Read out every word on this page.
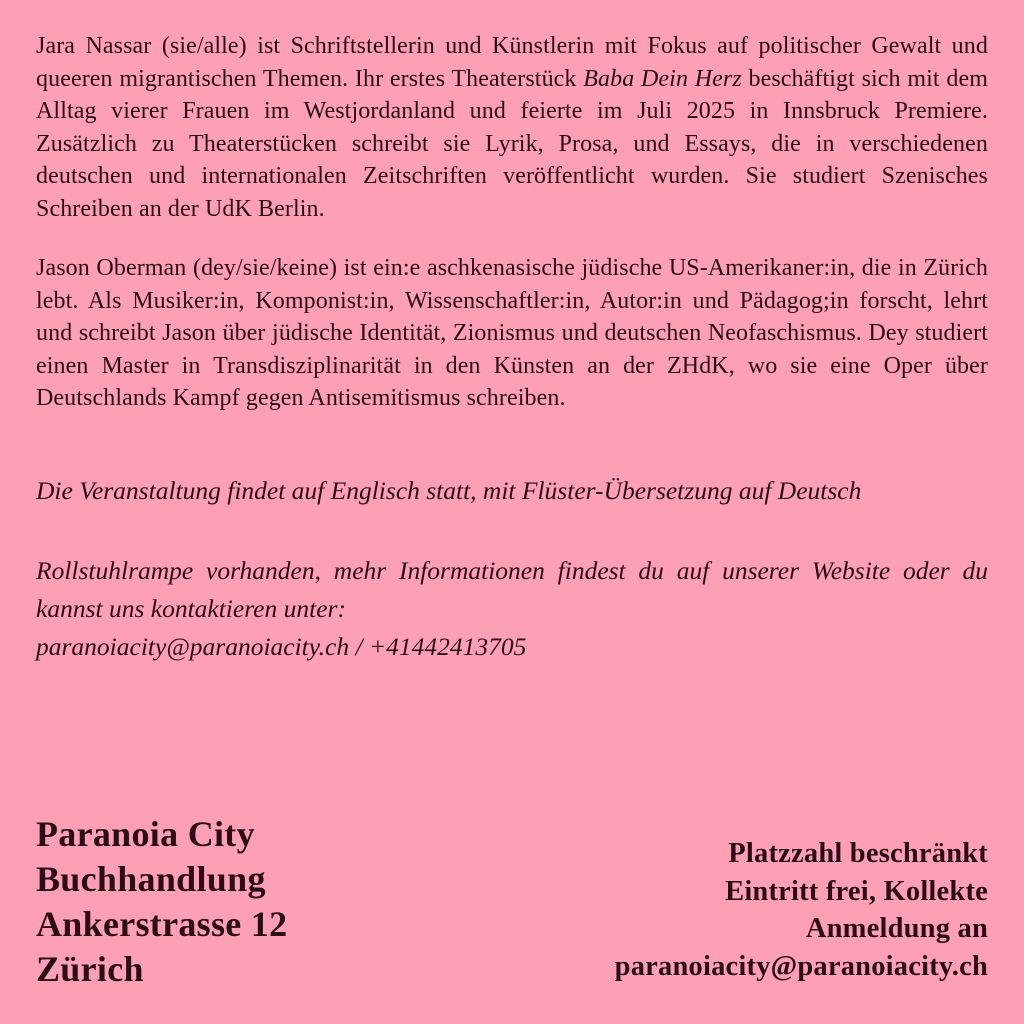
Jara Nassar (sie/alle) ist Schriftstellerin und Künstlerin mit Fokus auf politischer Gewalt und queeren migrantischen Themen. Ihr erstes Theaterstück Baba Dein Herz beschäftigt sich mit dem Alltag vierer Frauen im Westjordanland und feierte im Juli 2025 in Innsbruck Premiere. Zusätzlich zu Theaterstücken schreibt sie Lyrik, Prosa, und Essays, die in verschiedenen deutschen und internationalen Zeitschriften veröffentlicht wurden. Sie studiert Szenisches Schreiben an der UdK Berlin.

Jason Oberman (dey/sie/keine) ist ein:e aschkenasische jüdische US-Amerikaner:in, die in Zürich lebt. Als Musiker:in, Komponist:in, Wissenschaftler:in, Autor:in und Pädagog;in forscht, lehrt und schreibt Jason über jüdische Identität, Zionismus und deutschen Neofaschismus. Dey studiert einen Master in Transdisziplinarität in den Künsten an der ZHdK, wo sie eine Oper über Deutschlands Kampf gegen Antisemitismus schreiben.

Die Veranstaltung findet auf Englisch statt, mit Flüster-Übersetzung auf Deutsch

Rollstuhlrampe vorhanden, mehr Informationen findest du auf unserer Website oder du kannst uns kontaktieren unter:
paranoiacity@paranoiacity.ch / +41442413705

Paranoia City
Buchhandlung
Ankerstrasse 12
Zürich
Platzzahl beschränkt
Eintritt frei, Kollekte
Anmeldung an
paranoiacity@paranoiacity.ch
